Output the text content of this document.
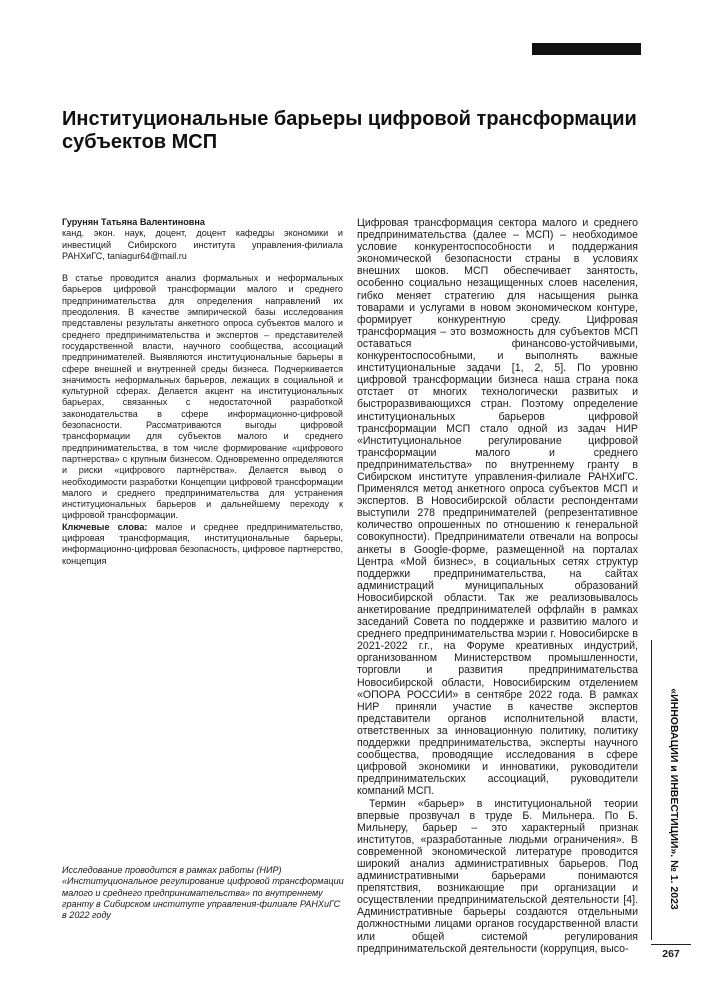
Институциональные барьеры цифровой трансформации субъектов МСП
Гурунян Татьяна Валентиновна
канд. экон. наук, доцент, доцент кафедры экономики и инвестиций Сибирского института управления-филиала РАНХиГС, taniagur64@mail.ru

В статье проводится анализ формальных и неформальных барьеров цифровой трансформации малого и среднего предпринимательства для определения направлений их преодоления. В качестве эмпирической базы исследования представлены результаты анкетного опроса субъектов малого и среднего предпринимательства и экспертов – представителей государственной власти, научного сообщества, ассоциаций предпринимателей. Выявляются институциональные барьеры в сфере внешней и внутренней среды бизнеса. Подчеркивается значимость неформальных барьеров, лежащих в социальной и культурной сферах. Делается акцент на институциональных барьерах, связанных с недостаточной разработкой законодательства в сфере информационно-цифровой безопасности. Рассматриваются выгоды цифровой трансформации для субъектов малого и среднего предпринимательства, в том числе формирование «цифрового партнерства» с крупным бизнесом. Одновременно определяются и риски «цифрового партнёрства». Делается вывод о необходимости разработки Концепции цифровой трансформации малого и среднего предпринимательства для устранения институциональных барьеров и дальнейшему переходу к цифровой трансформации.

Ключевые слова: малое и среднее предпринимательство, цифровая трансформация, институциональные барьеры, информационно-цифровая безопасность, цифровое партнерство, концепция
Исследование проводится в рамках работы (НИР) «Институциональное регулирование цифровой трансформации малого и среднего предпринимательства» по внутреннему гранту в Сибирском институте управления-филиале РАНХиГС в 2022 году

Цифровая трансформация сектора малого и среднего предпринимательства (далее – МСП) – необходимое условие конкурентоспособности и поддержания экономической безопасности страны в условиях внешних шоков. МСП обеспечивает занятость, особенно социально незащищенных слоев населения, гибко меняет стратегию для насыщения рынка товарами и услугами в новом экономическом контуре, формирует конкурентную среду. Цифровая трансформация – это возможность для субъектов МСП оставаться финансово-устойчивыми, конкурентоспособными, и выполнять важные институциональные задачи [1, 2, 5]. По уровню цифровой трансформации бизнеса наша страна пока отстает от многих технологически развитых и быстроразвивающихся стран. Поэтому определение институциональных барьеров цифровой трансформации МСП стало одной из задач НИР «Институциональное регулирование цифровой трансформации малого и среднего предпринимательства» по внутреннему гранту в Сибирском институте управления-филиале РАНХиГС. Применялся метод анкетного опроса субъектов МСП и экспертов. В Новосибирской области респондентами выступили 278 предпринимателей (репрезентативное количество опрошенных по отношению к генеральной совокупности). Предприниматели отвечали на вопросы анкеты в Google-форме, размещенной на порталах Центра «Мой бизнес», в социальных сетях структур поддержки предпринимательства, на сайтах администраций муниципальных образований Новосибирской области. Так же реализовывалось анкетирование предпринимателей оффлайн в рамках заседаний Совета по поддержке и развитию малого и среднего предпринимательства мэрии г. Новосибирске в 2021-2022 г.г., на Форуме креативных индустрий, организованном Министерством промышленности, торговли и развития предпринимательства Новосибирской области, Новосибирским отделением «ОПОРА РОССИИ» в сентябре 2022 года. В рамках НИР приняли участие в качестве экспертов представители органов исполнительной власти, ответственных за инновационную политику, политику поддержки предпринимательства, эксперты научного сообщества, проводящие исследования в сфере цифровой экономики и инноватики, руководители предпринимательских ассоциаций, руководители компаний МСП.

Термин «барьер» в институциональной теории впервые прозвучал в труде Б. Мильнера. По Б. Мильнеру, барьер – это характерный признак институтов, «разработанные людьми ограничения». В современной экономической литературе проводится широкий анализ административных барьеров. Под административными барьерами понимаются препятствия, возникающие при организации и осуществлении предпринимательской деятельности [4]. Административные барьеры создаются отдельными должностными лицами органов государственной власти или общей системой регулирования предпринимательской деятельности (коррупция, высо-

«ИННОВАЦИИ и ИНВЕСТИЦИИ». № 1. 2023
267
